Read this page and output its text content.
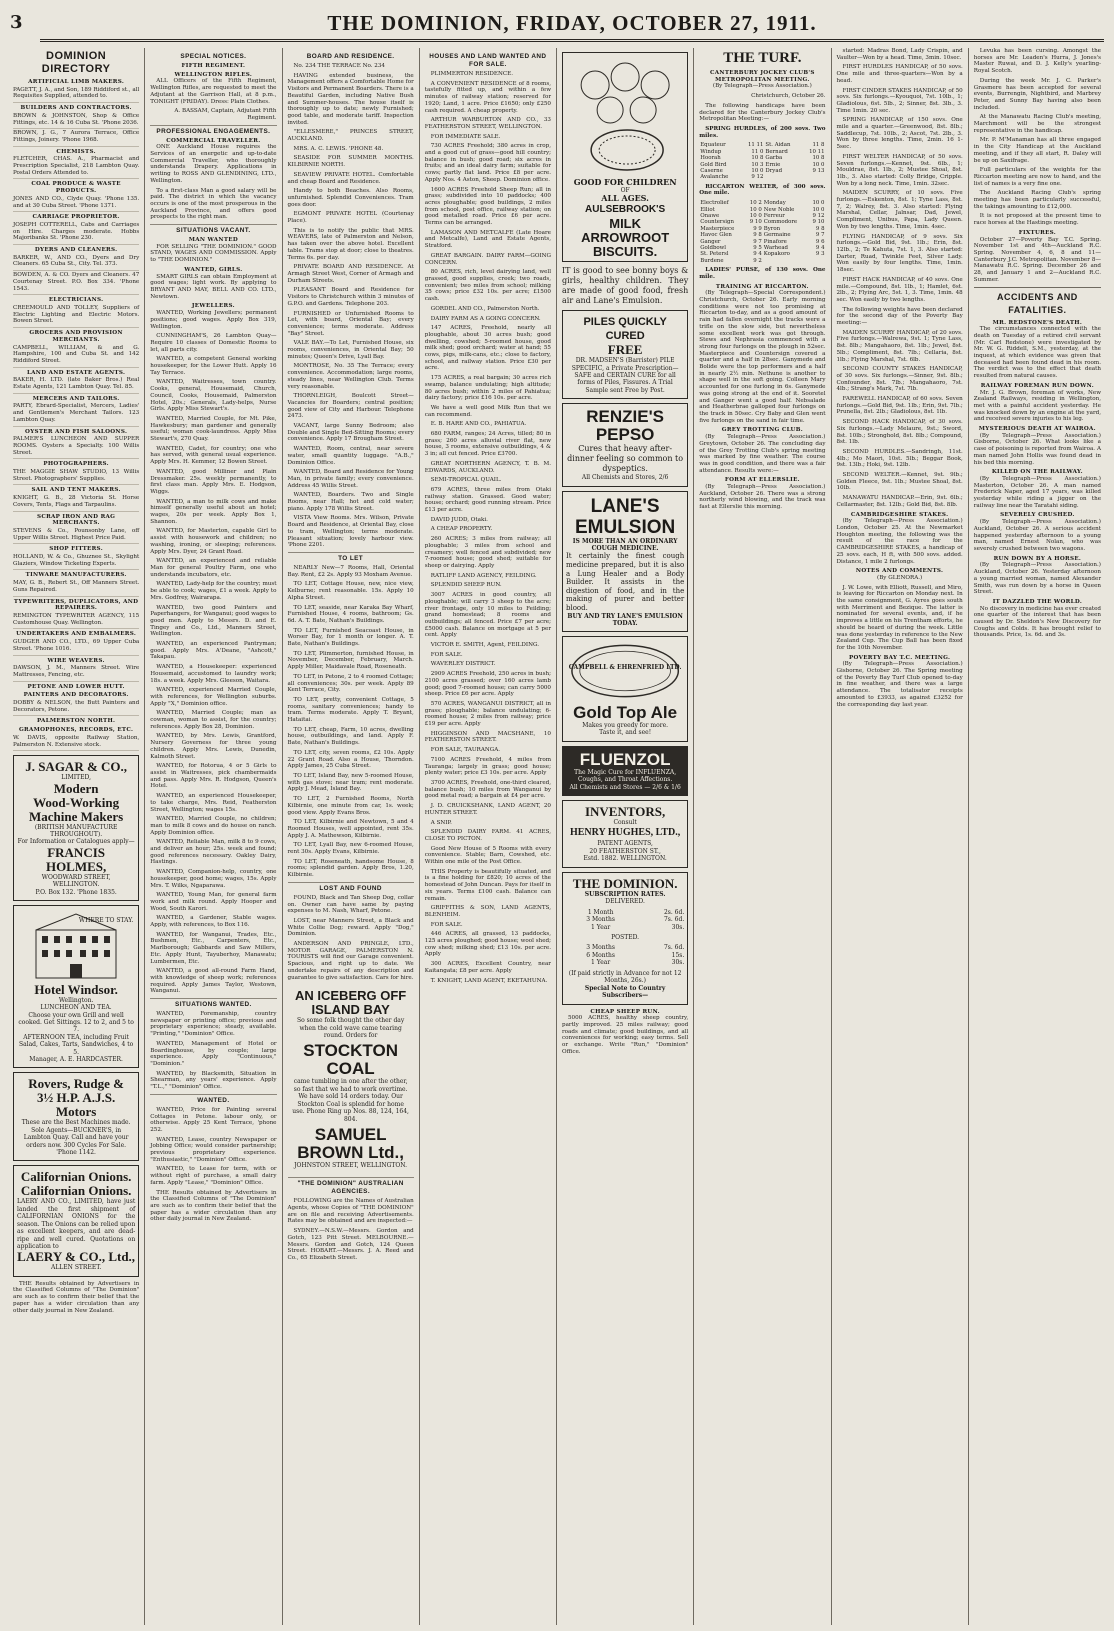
3	THE DOMINION, FRIDAY, OCTOBER 27, 1911.
DOMINION DIRECTORY
ARTIFICIAL LIMB MAKERS.
PAGETT, J. A., and Son, 189 Riddiford st., all Requisites Supplied, attended to.
BUILDERS AND CONTRACTORS.
BROWN & JOHNSTON, Shop & Office Fittings, etc. 14 & 16 Cuba St. 'Phone 2036.
BROWN, J. G., 7 Aurora Terrace, Office Fittings, Joinery. 'Phone 1968.
CHEMISTS.
FLETCHER, CHAS. A., Pharmacist and Prescription Specialist, 218 Lambton Quay. Postal Orders Attended to.
COAL PRODUCE & WASTE PRODUCTS.
JONES AND CO., Clyde Quay. 'Phone 135. and at 30 Cuba Street. 'Phone 1371.
CARRIAGE PROPRIETOR.
JOSEPH COTTERELL, Cabs and Carriages on Hire. Charges moderate. Hobbs Majoribanks St. 'Phone 230.
DYERS AND CLEANERS.
BARKER, W., AND CO., Dyers and Dry Cleaners. 65 Cuba St., City. Tel. 373.
BOWDEN, A. & CO. Dyers and Cleaners. 47 Courtenay Street. P.O. Box 334. 'Phone 1543.
ELECTRICIANS.
CREEMOULD AND TOLLEY, Suppliers of Electric Lighting and Electric Motors. Bowen Street.
GROCERS AND PROVISION MERCHANTS.
CAMPBELL, WILLIAM, & and G. Hampshire, 100 and Cuba St. and 142 Riddiford Street.
LAND AND ESTATE AGENTS.
BAKER, H. LTD. (late Baker Bros.) Real Estate Agents, 121 Lambton Quay. Tel. 85.
MERCERS AND TAILORS.
PARTY, Ebrard-Specialist, Mercers, Ladies' and Gentlemen's Merchant Tailors. 123 Lambton Quay.
OYSTER AND FISH SALOONS.
PALMER'S LUNCHEON AND SUPPER ROOMS. Oysters a Specialty. 100 Willis Street.
PHOTOGRAPHERS.
THE MAGGIE SHAW STUDIO, 13 Willis Street. Photographers' Supplies.
SAIL AND TENT MAKERS.
KNIGHT, G. B., 28 Victoria St. Horse Covers, Tents, Flags and Tarpaulins.
SCRAP IRON AND RAG MERCHANTS.
STEVENS & Co., Pounsonby Lane, off Upper Willis Street. Highest Price Paid.
SHOP FITTERS.
HOLLAND, W. & Co., Ghuznee St., Skylight Glaziers, Window Ticketing Experts.
TINWARE MANUFACTURERS.
MAY, G. B., Rebert St., Off Manners Street. Guns Repaired.
TYPEWRITERS, DUPLICATORS, AND REPAIRERS.
REMINGTON TYPEWRITER AGENCY, 115 Customhouse Quay. Wellington.
UNDERTAKERS AND EMBALMERS.
GUDGER AND CO., LTD., 69 Upper Cuba Street. 'Phone 1016.
WIRE WEAVERS.
DAWSON, J. M., Manners Street. Wire Mattresses, Fencing, etc.
PETONE AND LOWER HUTT.
PAINTERS AND DECORATORS.
DOBBY & NELSON, the Butt Painters and Decorators, Petone.
PALMERSTON NORTH.
GRAMOPHONES, RECORDS, ETC.
W. DAVIS, opposite Railway Station, Palmerston N. Extensive stock.
J. SAGAR & CO.,
LIMITED,
Modern
Wood-Working
Machine Makers
(BRITISH MANUFACTURE THROUGHOUT).
For Information or Catalogues apply—
FRANCIS HOLMES,
WOODWARD STREET,
WELLINGTON.
P.O. Box 132. 'Phone 1835.
WHERE TO STAY.
Hotel Windsor.
Wellington.
LUNCHEON AND TEA.
Choose your own Grill and well cooked. Get Sittings. 12 to 2, and 5 to 7.
AFTERNOON TEA, including Fruit Salad, Cakes, Tarts, Sandwiches, 4 to 5.
Manager, A. E. HARDCASTER.
Rovers, Rudge &
3½ H.P. A.J.S. Motors
These are the Best Machines made. Sole Agents—BUCKNER'S, in Lambton Quay. Call and have your orders now. 300 Cycles For Sale. 'Phone 1142.
Californian Onions.
Californian Onions.
LAERY AND CO., LIMITED, have just landed the first shipment of CALIFORNIAN ONIONS for the season. The Onions can be relied upon as excellent keepers, and are dead-ripe and well cured. Quotations on application to
LAERY & CO., Ltd.,
ALLEN STREET.
THE Results obtained by Advertisers in the Classified Columns of "The Dominion" are such as to confirm their belief that the paper has a wider circulation than any other daily journal in New Zealand.
SPECIAL NOTICES.
FIFTH REGIMENT.
WELLINGTON RIFLES.
ALL Officers of the Fifth Regiment, Wellington Rifles, are requested to meet the Adjutant at the Garrison Hall, at 8 p.m., TONIGHT (FRIDAY). Dress: Plain Clothes.
A. BASSAM, Captain, Adjutant Fifth Regiment.
PROFESSIONAL ENGAGEMENTS.
COMMERCIAL TRAVELLER.
ONE Auckland House requires the Services of an energetic and up-to-date Commercial Traveller, who thoroughly understands Drapery. Applications in writing to ROSS AND GLENDINING, LTD., Wellington.
To a first-class Man a good salary will be paid. The district in which the vacancy occurs is one of the most prosperous in the Auckland Province, and offers good prospects to the right man.
SITUATIONS VACANT.
MAN WANTED
FOR SELLING "THE DOMINION." GOOD STAND, WAGES AND COMMISSION. Apply to "THE DOMINION."
WANTED, GIRLS.
SMART GIRLS can obtain Employment at good wages; light work. By applying to BRYANT AND MAY, BELL AND CO. LTD., Newtown.
JEWELLERS.
WANTED, Working Jewellers; permanent positions; good wages. Apply Box 319, Wellington.
CUNNINGHAM'S, 26 Lambton Quay—Require 10 classes of Domestic Rooms to let, all parts city.
WANTED, a competent General working housekeeper, for the Lower Hutt. Apply 16 Tay Terrace.
WANTED, Waitresses, town country. Cooks, general, Housemaid, Church, Council, Cooks, Housemaid, Palmerston Hotel, 20s.; Generals, Lady-helps, Nurse Girls. Apply Miss Stewart's.
WANTED, Married Couple, for Mt. Pike, Hawkesbury; man gardener and generally useful; woman cook-laundress. Apply Miss Stewart's, 270 Quay.
WANTED, Cadet, for country; one who has served, with general usual experience. Apply Mrs. H. Kemmer, 12 Bowen Street.
WANTED, good Milliner and Plain Dressmaker. 25s. weekly permanently, to first class man. Apply Mrs. E. Hodgson, Wiggs.
WANTED, a man to milk cows and make himself generally useful about an hotel; wages, 20s per week. Apply Box 1, Shannon.
WANTED, for Masterton, capable Girl to assist with housework and children; no washing, ironing, or sleeping; references. Apply Mrs. Dyer, 24 Grant Road.
WANTED, an experienced and reliable Man for general Poultry Farm, one who understands incubators, etc.
WANTED, Lady-help for the country; must be able to cook; wages, £1 a week. Apply to Mrs. Godfrey, Wairarapa.
WANTED, two good Painters and Paperhangers, for Wanganui; good wages to good men. Apply to Messrs. D. and E. Tingey and Co., Ltd., Manners Street, Wellington.
WANTED, an experienced Pantryman; good. Apply Mrs. A'Deane, "Ashcott," Takapau.
WANTED, a Housekeeper: experienced Housemaid, accustomed to laundry work; 18s. a week. Apply Mrs. Gleeson, Waitara.
WANTED, experienced Married Couple, with references, for Wellington suburbs. Apply "X," Dominion office.
WANTED, Married Couple; man as cowman, woman to assist, for the country; references. Apply Box 28, Dominion.
WANTED, by Mrs. Lewis, Grantford, Nursery Governess for three young children. Apply Mrs. Lewis, Dunedin, Kalmoth Street.
WANTED, for Rotorua, 4 or 5 Girls to assist in Waitresses, pick chambermaids and pass. Apply Mrs. R. Hodgson, Queen's Hotel.
WANTED, an experienced Housekeeper, to take charge, Mrs. Reid, Featherston Street, Wellington; wages 15s.
WANTED, Married Couple, no children; man to milk 8 cows and do house on ranch. Apply Dominion office.
WANTED, Reliable Man, milk 8 to 9 cows, and deliver an hour; 25s. week and found; good references necessary. Oakley Dairy, Hastings.
WANTED, Companion-help, country, one housekeeper, good home; wages, 15s. Apply Mrs. T. Wilks, Ngaparawa.
WANTED, Young Man, for general farm work and milk round. Apply Hooper and Wood, South Karori.
WANTED, a Gardener, Stable wages. Apply, with references, to Box 116.
WANTED, for Wanganui, Trades, Etc., Bushmen, Etc., Carpenters, Etc., Marlborough; Gabbards and Saw Millers, Etc. Apply Hunt, Tayuberhoy, Manawatu; Lumbermen, Etc.
WANTED, a good all-round Farm Hand, with knowledge of sheep work; references required. Apply James Taylor, Westown, Wanganui.
SITUATIONS WANTED.
WANTED, Foremanship, country newspaper or printing office; previous and proprietary experience; steady, available. "Printing," "Dominion" Office.
WANTED, Management of Hotel or Boardinghouse, by couple; large experience. Apply "Continuous," "Dominion."
WANTED, by Blacksmith, Situation in Shearman, any years' experience. Apply "T.L.," "Dominion" Office.
WANTED.
WANTED, Price for Painting several Cottages in Petone. labour only, or otherwise. Apply 25 Kent Terrace, 'phone 252.
WANTED, Lease, country Newspaper or Jobbing Office; would consider partnership; previous proprietary experience. "Enthusiastic," "Dominion" Office.
WANTED, to Lease for term, with or without right of purchase, a small dairy farm. Apply "Lease," "Dominion" Office.
THE Results obtained by Advertisers in the Classified Columns of "The Dominion" are such as to confirm their belief that the paper has a wider circulation than any other daily journal in New Zealand.
BOARD AND RESIDENCE.
No. 234 THE TERRACE No. 234
HAVING extended business, the Management offers a Comfortable Home for Visitors and Permanent Boarders. There is a Beautiful Garden, including Native Bush and Summer-houses. The house itself is thoroughly up to date; newly Furnished; good table, and moderate tariff. Inspection invited.
"ELLESMERE," PRINCES STREET, AUCKLAND.
MRS. A. C. LEWIS. 'PHONE 48.
SEASIDE FOR SUMMER MONTHS. KILBIRNIE NORTH.
SEAVIEW PRIVATE HOTEL. Comfortable and cheap Board and Residence.
Handy to both Beaches. Also Rooms, unfurnished. Splendid Conveniences. Tram goes door.
EGMONT PRIVATE HOTEL (Courtenay Place).
This is to notify the public that MRS. WEAVERS, late of Palmerston and Nelson, has taken over the above hotel. Excellent table. Trams stop at door; close to theatres. Terms 6s. per day.
PRIVATE BOARD AND RESIDENCE. At Armagh Street West, Corner of Armagh and Durham Streets.
PLEASANT Board and Residence for Visitors to Christchurch within 3 minutes of G.P.O. and Gardens. Telephone 203.
FURNISHED or Unfurnished Rooms to Let, with board, Oriental Bay; every convenience; terms moderate. Address "Bay" Street.
VALE BAY.—To Let, Furnished House, six rooms, conveniences, in Oriental Bay; 50 minutes; Queen's Drive, Lyall Bay.
MONTROSE, No. 35 The Terrace; every convenience. Accommodation; large rooms, steady lines, near Wellington Club. Terms very reasonable.
THORNLEIGH, Boulcott Street—Vacancies for Boarders; central position; good view of City and Harbour. Telephone 2473.
VACANT, large Sunny Bedroom; also Double and Single Bed-Sitting Rooms; every convenience. Apply 17 Brougham Street.
WANTED, Room, central, near severe water, small quantity luggage. "A.B.," Dominion Office.
WANTED, Board and Residence for Young Man, in private family; every convenience. Address 45 Willis Street.
WANTED, Boarders. Two and Single Rooms, near Hall; hot and cold water; piano. Apply 178 Willis Street.
VISTA View Rooms. Mrs. Wilson, Private Board and Residence, at Oriental Bay, close to tram, Wellington; terms moderate. Pleasant situation; lovely harbour view. 'Phone 2201.
TO LET
NEARLY New—7 Rooms, Hall, Oriental Bay. Rent, £2 2s. Apply 93 Moxham Avenue.
TO LET, Cottage House, new, nice view, Kelburne; rent reasonable. 15s. Apply 10 Alpha Street.
TO LET, seaside, near Karaka Bay Wharf, Furnished House, 4 rooms, bathroom; Gs. 6d. A. T. Bate, Nathan's Buildings.
TO LET, Furnished Seacoast House, in Worser Bay, for 1 month or longer. A. T. Bate, Nathan's Buildings.
TO LET, Plimmerton, furnished House, in November, December, February, March. Apply Miller, Maidavale Road, Roseneath.
TO LET, in Petone, 2 to 4 roomed Cottage; all conveniences; 30s. per week. Apply 89 Kent Terrace, City.
TO LET, pretty, convenient Cottage, 5 rooms, sanitary conveniences; handy to tram. Terms moderate. Apply T. Bryant, Hataitai.
TO LET, cheap, Farm, 10 acres, dwelling house, outbuildings, and land. Apply F. Bate, Nathan's Buildings.
TO LET, city, seven rooms, £2 10s. Apply 22 Grant Road. Also a House, Thorndon. Apply James, 25 Cuba Street.
TO LET, Island Bay, new 5-roomed House, with gas stove; near tram; rent moderate. Apply J. Mead, Island Bay.
TO LET, 2 Furnished Rooms, North Kilbirnie, one minute from car, 1s. week; good view. Apply Evans Bros.
TO LET, Kilbirnie and Newtown, 5 and 4 Roomed Houses, well appointed, rent 35s. Apply J. A. Mathewson, Kilbirnie.
TO LET, Lyall Bay, new 6-roomed House, rent 30s. Apply Evans, Kilbirnie.
TO LET, Roseneath, handsome House, 8 rooms; splendid garden. Apply Bros, 1.20, Kilbirnie.
LOST AND FOUND
FOUND, Black and Tan Sheep Dog, collar on. Owner can have same by paying expenses to M. Nash, Wharf, Petone.
LOST, near Manners Street, a Black and White Collie Dog; reward. Apply "Dog," Dominion.
ANDERSON AND PRINGLE, LTD., MOTOR GARAGE, PALMERSTON N. TOURISTS will find our Garage convenient. Spacious, and right up to date. We undertake repairs of any description and guarantee to give satisfaction. Cars for hire.
AN ICEBERG OFF ISLAND BAY
So some folk thought the other day when the cold wave came tearing round. Orders for
STOCKTON COAL
came tumbling in one after the other, so fast that we had to work overtime. We have sold 14 orders today. Our Stockton Coal is splendid for home use. Phone Ring up Nos. 88, 124, 164, 804.
SAMUEL BROWN Ltd.,
JOHNSTON STREET, WELLINGTON.
"THE DOMINION" AUSTRALIAN AGENCIES.
FOLLOWING are the Names of Australian Agents, whose Copies of "THE DOMINION" are on file and receiving Advertisements. Rates may be obtained and are inspected:—
SYDNEY.—N.S.W.—Messrs. Gordon and Gotch, 123 Pitt Street. MELBOURNE.—Messrs. Gordon and Gotch, 124 Queen Street. HOBART.—Messrs. J. A. Reed and Co., 65 Elizabeth Street.
HOUSES AND LAND WANTED AND FOR SALE.
PLIMMERTON RESIDENCE.
A CONVENIENT RESIDENCE of 8 rooms, tastefully fitted up, and within a few minutes of railway station; reserved for 1920; Land, 1 acre. Price £1650; only £250 cash required. A cheap property.
ARTHUR WARBURTON AND CO., 33 FEATHERSTON STREET, WELLINGTON.
FOR IMMEDIATE SALE.
730 ACRES Freehold; 380 acres in crop, and a good cut of grass—good hill country; balance in bush; good road; six acres in fruits; and an ideal dairy farm; suitable for cows; partly flat land. Price £8 per acre. Apply Nos. 4 Aston, Sheep. Dominion office.
1600 ACRES Freehold Sheep Run; all in grass; subdivided into 10 paddocks; 400 acres ploughable; good buildings, 2 miles from school, post office, railway station; on good metalled road. Price £6 per acre. Terms can be arranged.
LAMASON AND METCALFE (Late Hoare and Metcalfe), Land and Estate Agents, Stratford.
GREAT BARGAIN. DAIRY FARM—GOING CONCERN.
80 ACRES, rich, level dairying land, well grassed, good supplies, creek; two roads, convenient; two miles from school; milking 35 cows; price £32 10s. per acre; £1500 cash.
GORDEL AND CO., Palmerston North.
DAIRY FARM AS A GOING CONCERN.
147 ACRES, Freehold, nearly all ploughable, about 30 acres bush; good dwelling, cowshed; 5-roomed house, good milk shed; good orchard; water at hand; 55 cows, pigs, milk-cans, etc.; close to factory, school, and railway station. Price £30 per acre.
175 ACRES, a real bargain; 30 acres rich swamp, balance undulating; high altitude; 80 acres bush; within 2 miles of Pahiatua; dairy factory; price £16 10s. per acre.
We have a well good Milk Run that we can recommend.
E. B. HARE AND CO., PAHIATUA.
680 FARM, ranges; 24 Acres, tilled; 80 in grass; 260 acres alluvial river flat, new house, 3 rooms, extensive outbuildings, 4 & 3 in; all cut fenced. Price £3700.
GREAT NORTHERN AGENCY, T. B. M. EDWARDS, AUCKLAND.
SEMI-TROPICAL QUAIL.
679 ACRES, three miles from Otaki railway station. Grassed. Good water; house; orchard; good running stream. Price £13 per acre.
DAVID JUDD, Otaki.
A CHEAP PROPERTY.
260 ACRES; 3 miles from railway; all ploughable; 3 miles from school and creamery; well fenced and subdivided; new 7-roomed house; good shed; suitable for sheep or dairying. Apply
RATLIFF LAND AGENCY, FEILDING.
SPLENDID SHEEP RUN.
3007 ACRES in good country, all ploughable; will carry 3 sheep to the acre; river frontage, only 10 miles to Feilding; grand homestead; 8 rooms and outbuildings; all fenced. Price £7 per acre; £5000 cash. Balance on mortgage at 5 per cent. Apply
VICTOR E. SMITH, Agent, FEILDING.
FOR SALE.
WAVERLEY DISTRICT.
2909 ACRES Freehold, 250 acres in bush; 2100 acres grassed; over 160 acres lamb good; good 7-roomed house; can carry 5000 sheep. Price £6 per acre. Apply
570 ACRES, WANGANUI DISTRICT, all in grass; ploughable; balance undulating; 6-roomed house; 2 miles from railway; price £19 per acre. Apply
HIGGINSON AND MACSHANE, 10 FEATHERSTON STREET.
FOR SALE, TAURANGA.
7100 ACRES Freehold, 4 miles from Tauranga; largely in grass; good house; plenty water; price £3 10s. per acre. Apply
3700 ACRES, Freehold, one-third cleared, balance bush; 10 miles from Wanganui by good metal road; a bargain at £4 per acre.
J. D. CRUICKSHANK, LAND AGENT, 20 HUNTER STREET.
A SNIP.
SPLENDID DAIRY FARM. 41 ACRES, CLOSE TO PICTON.
Good New House of 5 Rooms with every convenience. Stable; Barn, Cowshed, etc. Within one mile of the Post Office.
THIS Property is beautifully situated, and is a fine holding for £820; 10 acres of the homestead of John Duncan. Pays for itself in six years. Terms £100 cash. Balance can remain.
GRIFFITHS & SON, LAND AGENTS, BLENHEIM.
FOR SALE.
446 ACRES, all grassed, 13 paddocks, 125 acres ploughed; good house; wool shed; cow shed; milking shed; £13 10s. per acre. Apply
300 ACRES, Excellent Country, near Kaitangata; £8 per acre. Apply
T. KNIGHT, LAND AGENT, EKETAHUNA.
GOOD FOR CHILDREN
OF
ALL AGES.
AULSEBROOK'S
MILK
ARROWROOT
BISCUITS.
IT is good to see bonny boys & girls, healthy children. They are made of good food, fresh air and Lane's Emulsion.
PILES QUICKLY CURED
FREE
DR. MADSEN'S (Barrister) PILE SPECIFIC, a Private Prescription—SAFE and CERTAIN CURE for all forms of Piles, Fissures. A Trial Sample sent Free by Post.
RENZIE'S PEPSO
Cures that heavy after-dinner feeling so common to dyspeptics.
All Chemists and Stores, 2/6
LANE'S EMULSION
IS MORE THAN AN ORDINARY COUGH MEDICINE.
It certainly the finest cough medicine prepared, but it is also a Lung Healer and a Body Builder. It assists in the digestion of food, and in the making of purer and better blood.
BUY AND TRY LANE'S EMULSION TODAY.
CAMPBELL & EHRENFRIED LTD.
Gold Top Ale
Makes you greedy for more.
Taste it, and see!
FLUENZOL
The Magic Cure for INFLUENZA, Coughs, and Throat Affections.
All Chemists and Stores — 2/6 & 1/6
INVENTORS,
Consult
HENRY HUGHES, LTD.,
PATENT AGENTS,
20 FEATHERSTON ST.,
Estd. 1882. WELLINGTON.
THE DOMINION.
SUBSCRIPTION RATES.
DELIVERED.
1 Month	2s. 6d.
3 Months	7s. 6d.
1 Year	30s.
POSTED.
3 Months	7s. 6d.
6 Months	15s.
1 Year	30s.
(If paid strictly in Advance for not 12 Months, 26s.)
Special Note to Country Subscribers—
CHEAP SHEEP RUN.
5000 ACRES, healthy sheep country, partly improved. 25 miles railway; good roads and climate; good buildings, and all conveniences for working; easy terms. Sell or exchange. Write "Run," "Dominion" Office.
THE TURF.
CANTERBURY JOCKEY CLUB'S METROPOLITAN MEETING.
(By Telegraph—Press Association.)
Christchurch, October 26.
The following handicaps have been declared for the Canterbury Jockey Club's Metropolitan Meeting:—
SPRING HURDLES, of 200 sovs. Two miles.
Equateur	11 11	St. Aidan	11 8
Windup	11 0	Bernard	10 11
Hoorah	10 8	Garba	10 8
Gold Bird	10 3	Ernie	10 0
Caserne	10 0	Dryad	9 13
Avalanche	9 12		
RICCARTON WELTER, of 300 sovs. One mile.
Electrolief	10 2	Monday	10 0
Elliot	10 0	New Noble	10 0
Onawe	10 0	Ferreur	9 12
Countersign	9 10	Commodore	9 10
Masterpiece	9 9	Byron	9 8
Havoc Glen	9 8	Germaine	9 7
Ganger	9 7	Pinafore	9 6
Goldbowl	9 5	Warhead	9 4
St. Petersl	9 4	Kopakoro	9 3
Burdene	9 2		
LADIES' PURSE, of 130 sovs. One mile.
TRAINING AT RICCARTON.
(By Telegraph—Special Correspondent.) Christchurch, October 26. Early morning conditions were not too promising at Riccarton to-day, and as a good amount of rain had fallen overnight the tracks were a trifle on the slow side, but nevertheless some excellent work was got through. Stews and Nephrasia commenced with a strong four furlongs on the plough in 52sec. Masterpiece and Countersign covered a quarter and a half in 28sec. Ganymede and Bolide were the top performers and a half in nearly 2½ min. Nethune is another to shape well in the soft going. Colleen Mary accounted for one furlong in 6s. Ganymede was going strong at the end of it. Sooretel and Ganger went a good half. Nebsalade and Heatherbrae galloped four furlongs on the track in 50sec. Cry Baby and Glen went five furlongs on the sand in fair time.
GREY TROTTING CLUB.
(By Telegraph—Press Association.) Greytown, October 26. The concluding day of the Grey Trotting Club's spring meeting was marked by fine weather. The course was in good condition, and there was a fair attendance. Results were:—
FORM AT ELLERSLIE.
(By Telegraph—Press Association.) Auckland, October 26. There was a strong northerly wind blowing, and the track was fast at Ellerslie this morning.
started: Madras Bond, Lady Crispin, and Vaulter—Won by a head. Time, 3min. 10sec.
FIRST HURDLES HANDICAP, of 50 sovs. One mile and three-quarters—Won by a head.
FIRST CINDER STAKES HANDICAP, of 50 sovs. Six furlongs.—Kyouquoi, 7st. 10lb., 1; Gladiolous, 6st. 5lb., 2; Sinner, 8st. 3lb., 3. Time 1min. 20 sec.
SPRING HANDICAP, of 150 sovs. One mile and a quarter.—Greenwood, 8st. 8lb.; Saddlecup, 7st. 10lb., 2; Ascot, 7st. 2lb., 3. Won by three lengths. Time, 2min. 16 1-5sec.
FIRST WELTER HANDICAP, of 50 sovs. Seven furlongs.—Kennet, 9st. 6lb., 1; Mouldrae, 8st. 1lb., 2; Mustee Shoal, 8st. 1lb., 3. Also started: Colly Bridge, Cripple. Won by a long neck. Time, 1min. 32sec.
MAIDEN SCURRY, of 10 sovs. Five furlongs.—Eskenton, 8st. 1; Tyne Lass, 8st. 7, 2; Walrey, 8st. 3. Also started: Flying Marshal, Cellar, Jalnsar, Dad, Jewel, Compliment, Unibus, Papa, Lady Queen. Won by two lengths. Time, 1min. 4sec.
FLYING HANDICAP, of 9 sovs. Six furlongs.—Gold Bid, 9st. 1lb.; Erin, 8st. 12lb., 2; Te Kahuta, 7st. 1, 3. Also started: Darter, Ruad, Twinkle Feet, Silver Lady. Won easily by four lengths. Time, 1min. 18sec.
FIRST HACK HANDICAP, of 40 sovs. One mile.—Compound, 8st. 1lb., 1; Hamlet, 6st. 2lb., 2; Flying Arc, 5st. 1, 3. Time, 1min. 48 sec. Won easily by two lengths.
The following weights have been declared for the second day of the Poverty Bay meeting:—
MAIDEN SCURRY HANDICAP, of 20 sovs. Five furlongs.—Walrewa, 9st. 1; Tyne Lass, 8st. 8lb.; Mangahaoro, 8st. 1lb.; Jewel, 8st. 5lb.; Compliment, 8st. 7lb.; Cellaria, 8st. 1lb.; Flying Marshal, 7st. 6lb.
SECOND COUNTY STAKES HANDICAP, of 30 sovs. Six furlongs.—Sinner, 9st. 8lb.; Confounder, 8st. 7lb.; Mangahaoro, 7st. 4lb.; Strang's Mark, 7st. 7lb.
FAREWELL HANDICAP, of 60 sovs. Seven furlongs.—Gold Bid, 9st. 1lb.; Erin, 9st. 7lb.; Prunella, 8st. 2lb.; Gladiolous, 8st. 1lb.
SECOND HACK HANDICAP, of 30 sovs. Six furlongs.—Lady Melaure, 9st.; Sword, 8st. 10lb.; Stronghold, 8st. 8lb.; Compound, 8st. 1lb.
SECOND HURDLES.—Sandringh, 11st. 4lb.; Mo Maori, 10st. 5lb.; Beggar Book, 9st. 13lb.; Hoki, 9st. 12lb.
SECOND WELTER.—Kennet, 9st. 9lb.; Golden Fleece, 9st. 1lb.; Mustee Shoal, 8st. 10lb.
MANAWATU HANDICAP.—Erin, 9st. 6lb.; Cellarmaster, 8st. 12lb.; Gold Bid, 8st. 8lb.
CAMBRIDGESHIRE STAKES.
(By Telegraph—Press Association.) London, October 25. At the Newmarket Houghton meeting, the following was the result of the race for the CAMBRIDGESHIRE STAKES, a handicap of 25 sovs. each, H ft, with 500 sovs. added. Distance, 1 mile 2 furlongs.
NOTES AND COMMENTS.
(By GLENORA.)
J. W. Lowe, with Elliott, Russell, and Miro, is leaving for Riccarton on Monday next. In the same consignment, G. Ayres goes south with Merriment and Bezique. The latter is nominated for several events, and, if he improves a little on his Trentham efforts, he should be heard of during the week. Little was done yesterday in reference to the New Zealand Cup. The Cup Ball has been fixed for the 10th November.
POVERTY BAY T.C. MEETING.
(By Telegraph—Press Association.) Gisborne, October 26. The Spring meeting of the Poverty Bay Turf Club opened to-day in fine weather, and there was a large attendance. The totalisator receipts amounted to £3933, as against £3252 for the corresponding day last year.
Levuka has been cursing. Amongst the horses are Mr. Leaden's Hurra, J. Jones's Master Ruwai, and D. J. Kelly's yearling-Royal Scotch.
During the week Mr. J. C. Parker's Grasmere has been accepted for several events, Burrengin, Nightbird, and Marbrey Peter, and Sunny Bay having also been included.
At the Manawatu Racing Club's meeting, Marchmont will be the strongest representative in the handicap.
Mr. P. M'Manaman has all three engaged in the City Handicap at the Auckland meeting, and if they all start, R. Daley will be up on Saxifrage.
Full particulars of the weights for the Riccarton meeting are now to hand, and the list of names is a very fine one.
The Auckland Racing Club's spring meeting has been particularly successful, the takings amounting to £12,000.
It is not proposed at the present time to race horses at the Hastings meeting.
FIXTURES.
October 27—Poverty Bay T.C. Spring. November 1st and 4th—Auckland R.C. Spring. November 4, 6, 8 and 11—Canterbury J.C. Metropolitan. November 8—Manawatu R.C. Spring. December 26 and 28, and January 1 and 2—Auckland R.C. Summer.
ACCIDENTS AND FATALITIES.
MR. REDSTONE'S DEATH.
The circumstances connected with the death on Tuesday of a retired civil servant (Mr. Carl Redstone) were investigated by Mr. W. G. Riddell, S.M., yesterday, at the inquest, at which evidence was given that deceased had been found dead in his room. The verdict was to the effect that death resulted from natural causes.
RAILWAY FOREMAN RUN DOWN.
Mr. J. G. Brown, foreman of works, New Zealand Railways, residing in Wellington, met with a painful accident yesterday. He was knocked down by an engine at the yard, and received severe injuries to his leg.
MYSTERIOUS DEATH AT WAIROA.
(By Telegraph—Press Association.) Gisborne, October 26. What looks like a case of poisoning is reported from Wairoa. A man named John Hollis was found dead in his bed this morning.
KILLED ON THE RAILWAY.
(By Telegraph—Press Association.) Masterton, October 26. A man named Frederick Naper, aged 17 years, was killed yesterday while riding a jigger on the railway line near the Taratahi siding.
SEVERELY CRUSHED.
(By Telegraph—Press Association.) Auckland, October 26. A serious accident happened yesterday afternoon to a young man, named Ernest Nolan, who was severely crushed between two wagons.
RUN DOWN BY A HORSE.
(By Telegraph—Press Association.) Auckland, October 26. Yesterday afternoon a young married woman, named Alexander Smith, was run down by a horse in Queen Street.
IT DAZZLED THE WORLD.
No discovery in medicine has ever created one quarter of the interest that has been caused by Dr. Sheldon's New Discovery for Coughs and Colds. It has brought relief to thousands. Price, 1s. 6d. and 3s.
